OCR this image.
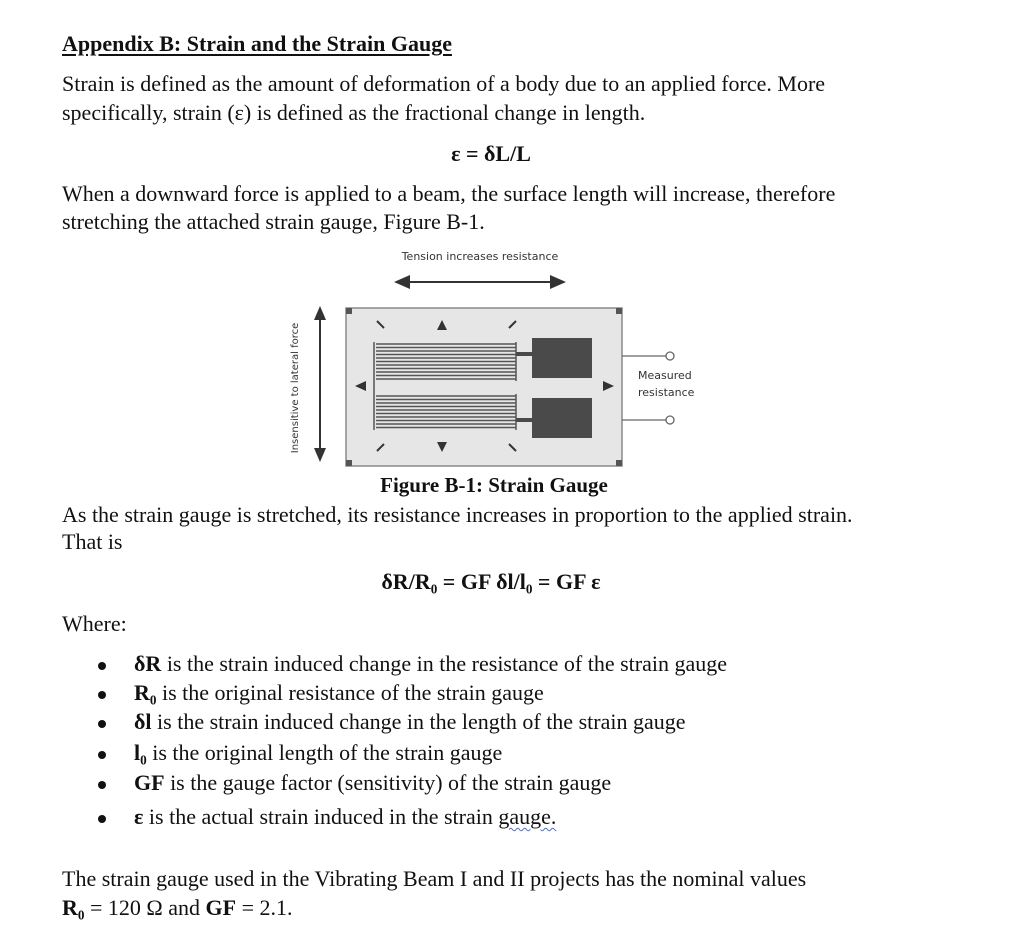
Appendix B: Strain and the Strain Gauge
Strain is defined as the amount of deformation of a body due to an applied force. More
specifically, strain (ε) is defined as the fractional change in length.
ε = δL/L
When a downward force is applied to a beam, the surface length will increase, therefore
stretching the attached strain gauge, Figure B-1.
Tension increases resistance
Insensitive to lateral force	Measured
resistance
Figure B-1: Strain Gauge
As the strain gauge is stretched, its resistance increases in proportion to the applied strain.
That is
δR/R₀ = GF δl/l₀ = GF ε
Where:
δR is the strain induced change in the resistance of the strain gauge
R₀ is the original resistance of the strain gauge
δl is the strain induced change in the length of the strain gauge
l₀ is the original length of the strain gauge
GF is the gauge factor (sensitivity) of the strain gauge
ε is the actual strain induced in the strain gauge.
The strain gauge used in the Vibrating Beam I and II projects has the nominal values
R₀ = 120 Ω and GF = 2.1.
